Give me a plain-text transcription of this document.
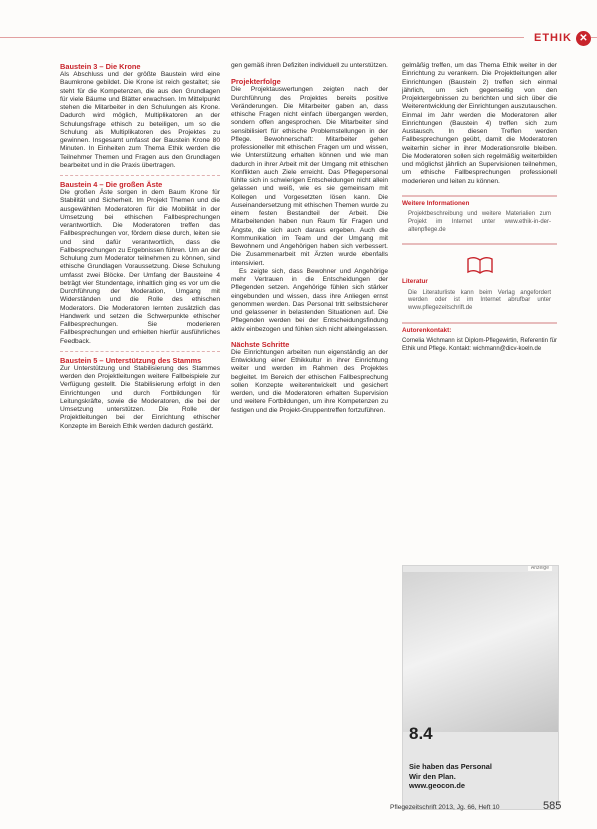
ETHIK ✕

Baustein 3 – Die Krone

Als Abschluss und der größte Baustein wird eine Baumkrone gebildet. Die Krone ist reich gestaltet; sie steht für die Kompetenzen, die aus den Grundlagen für viele Bäume und Blätter erwachsen. Im Mittelpunkt stehen die Mitarbeiter in den Schulungen als Krone. Dadurch wird möglich, Multiplikatoren an der Schulungsfrage ethisch zu beteiligen, um so die Schulung als Multiplikatoren des Projektes zu gewinnen. Insgesamt umfasst der Baustein Krone 80 Minuten. In Einheiten zum Thema Ethik werden die Teilnehmer Themen und Fragen aus den Grundlagen bearbeitet und in die Praxis übertragen.

Baustein 4 – Die großen Äste

Die großen Äste sorgen in dem Baum Krone für Stabilität und Sicherheit. Im Projekt Themen und die ausgewählten Moderatoren für die Mobilität in der Umsetzung bei ethischen Fallbesprechungen verantwortlich. Die Moderatoren treffen das Fallbesprechungen vor, fördern diese durch, leiten sie und sind dafür verantwortlich, dass die Fallbesprechungen zu Ergebnissen führen. Um an der Schulung zum Moderator teilnehmen zu können, sind ethische Grundlagen Voraussetzung. Diese Schulung umfasst zwei Blöcke. Der Umfang der Bausteine 4 beträgt vier Stundentage, inhaltlich ging es vor um die Durchführung der Moderation, Umgang mit Widerständen und die Rolle des ethischen Moderators. Die Moderatoren lernten zusätzlich das Handwerk und setzen die Schwerpunkte ethischer Fallbesprechungen. Sie moderieren Fallbesprechungen und erhielten hierfür ausführliches Feedback.

Baustein 5 – Unterstützung des Stamms

Zur Unterstützung und Stabilisierung des Stammes werden den Projektleitungen weitere Fallbeispiele zur Verfügung gestellt. Die Stabilisierung erfolgt in den Einrichtungen und durch Fortbildungen für Leitungskräfte, sowie die Moderatoren, die bei der Umsetzung unterstützen. Die Rolle der Projektleitungen bei der Einrichtung ethischer Konzepte im Bereich Ethik werden dadurch gestärkt.

gen gemäß ihren Defiziten individuell zu unterstützen.

Projekterfolge

Die Projektauswertungen zeigten nach der Durchführung des Projektes bereits positive Veränderungen. Die Mitarbeiter gaben an, dass ethische Fragen nicht einfach übergangen werden, sondern offen angesprochen. Die Mitarbeiter sind sensibilisiert für ethische Problemstellungen in der Pflege. Bewohnerschaft: Mitarbeiter gehen professioneller mit ethischen Fragen um und wissen, wie Unterstützung erhalten können und wie man dadurch in ihrer Arbeit mit der Umgang mit ethischen Konflikten auch Ziele erreicht. Das Pflegepersonal fühlte sich in schwierigen Entscheidungen nicht allein gelassen und weiß, wie es sie gemeinsam mit Kollegen und Vorgesetzten lösen kann. Die Auseinandersetzung mit ethischen Themen wurde zu einem festen Bestandteil der Arbeit. Die Mitarbeitenden haben nun Raum für Fragen und Ängste, die sich auch daraus ergeben. Auch die Kommunikation im Team und der Umgang mit Bewohnern und Angehörigen haben sich verbessert. Die Zusammenarbeit mit Ärzten wurde ebenfalls intensiviert.

Es zeigte sich, dass Bewohner und Angehörige mehr Vertrauen in die Entscheidungen der Pflegenden setzen. Angehörige fühlen sich stärker eingebunden und wissen, dass ihre Anliegen ernst genommen werden. Das Personal tritt selbstsicherer und gelassener in belastenden Situationen auf. Die Pflegenden werden bei der Entscheidungsfindung aktiv einbezogen und fühlen sich nicht alleingelassen.

Nächste Schritte

Die Einrichtungen arbeiten nun eigenständig an der Entwicklung einer Ethikkultur in ihrer Einrichtung weiter und werden im Rahmen des Projektes begleitet. Im Bereich der ethischen Fallbesprechung sollen Konzepte weiterentwickelt und gesichert werden, und die Moderatoren erhalten Supervision und weitere Fortbildungen, um ihre Kompetenzen zu festigen und die Projekt-Gruppentreffen fortzuführen.

gelmäßig treffen, um das Thema Ethik weiter in der Einrichtung zu verankern. Die Projektleitungen aller Einrichtungen (Baustein 2) treffen sich einmal jährlich, um sich gegenseitig von den Projektergebnissen zu berichten und sich über die Weiterentwicklung der Einrichtungen auszutauschen. Einmal im Jahr werden die Moderatoren aller Einrichtungen (Baustein 4) treffen sich zum Austausch. In diesen Treffen werden Fallbesprechungen geübt, damit die Moderatoren weiterhin sicher in ihrer Moderationsrolle bleiben. Die Moderatoren sollen sich regelmäßig weiterbilden und möglichst jährlich an Supervisionen teilnehmen, um ethische Fallbesprechungen professionell moderieren und leiten zu können.

Weitere Informationen

Projektbeschreibung und weitere Materialien zum Projekt im Internet unter www.ethik-in-der-altenpflege.de

Literatur

Die Literaturliste kann beim Verlag angefordert werden oder ist im Internet abrufbar unter www.pflegezeitschrift.de

Autorenkontakt:

Cornelia Wichmann ist Diplom-Pflegewirtin, Referentin für Ethik und Pflege. Kontakt: wichmann@dicv-koeln.de

Anzeige
8.4
Sie haben das Personal
Wir den Plan.
www.geocon.de
Pflegezeitschrift 2013, Jg. 66, Heft 10	585
